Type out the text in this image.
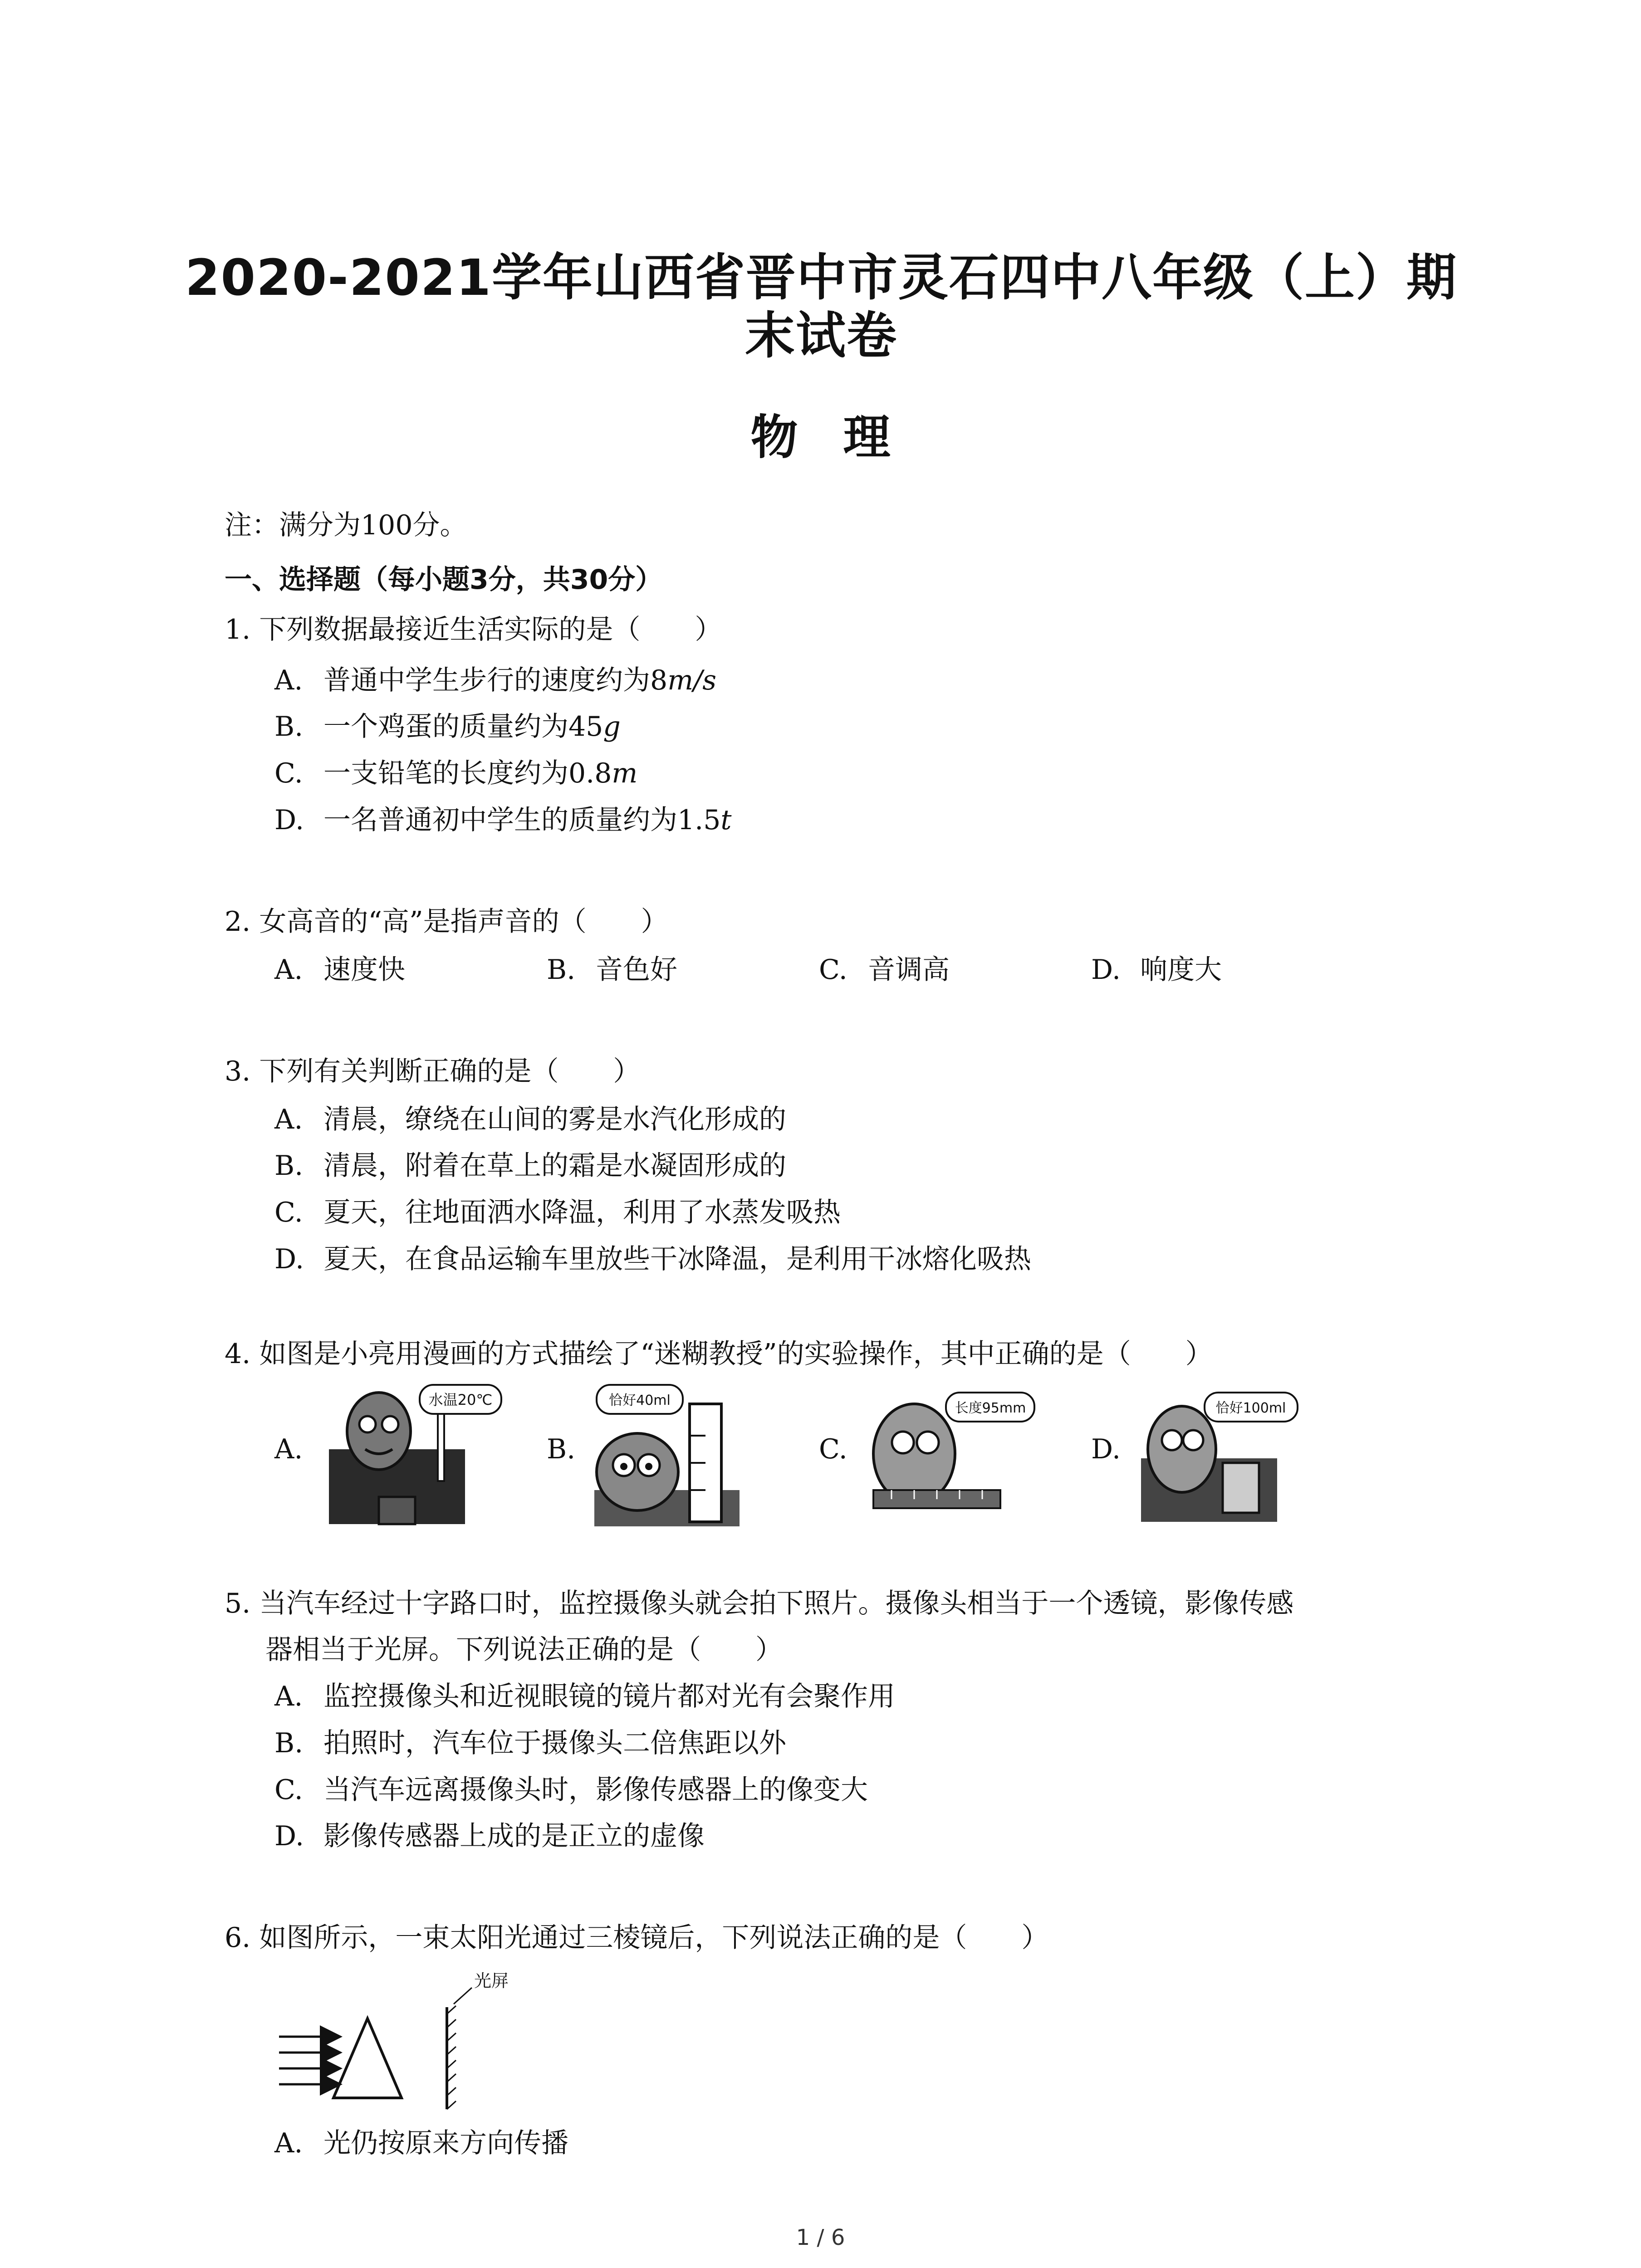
2020-2021学年山西省晋中市灵石四中八年级（上）期
末试卷
物理
注：满分为100分。
一、选择题（每小题3分，共30分）
1. 下列数据最接近生活实际的是（　　）
A. 普通中学生步行的速度约为8m/s
B. 一个鸡蛋的质量约为45g
C. 一支铅笔的长度约为0.8m
D. 一名普通初中学生的质量约为1.5t
2. 女高音的“高”是指声音的（　　）
A. 速度快	B. 音色好	C. 音调高	D. 响度大
3. 下列有关判断正确的是（　　）
A. 清晨，缭绕在山间的雾是水汽化形成的
B. 清晨，附着在草上的霜是水凝固形成的
C. 夏天，往地面洒水降温，利用了水蒸发吸热
D. 夏天，在食品运输车里放些干冰降温，是利用干冰熔化吸热
4. 如图是小亮用漫画的方式描绘了“迷糊教授”的实验操作，其中正确的是（　　）
A.
水温20℃
B.
恰好40ml
C.
长度95mm
D.
恰好100ml
5. 当汽车经过十字路口时，监控摄像头就会拍下照片。摄像头相当于一个透镜，影像传感
器相当于光屏。下列说法正确的是（　　）
A. 监控摄像头和近视眼镜的镜片都对光有会聚作用
B. 拍照时，汽车位于摄像头二倍焦距以外
C. 当汽车远离摄像头时，影像传感器上的像变大
D. 影像传感器上成的是正立的虚像
6. 如图所示，一束太阳光通过三棱镜后，下列说法正确的是（　　）
光屏
A. 光仍按原来方向传播
1 / 6
